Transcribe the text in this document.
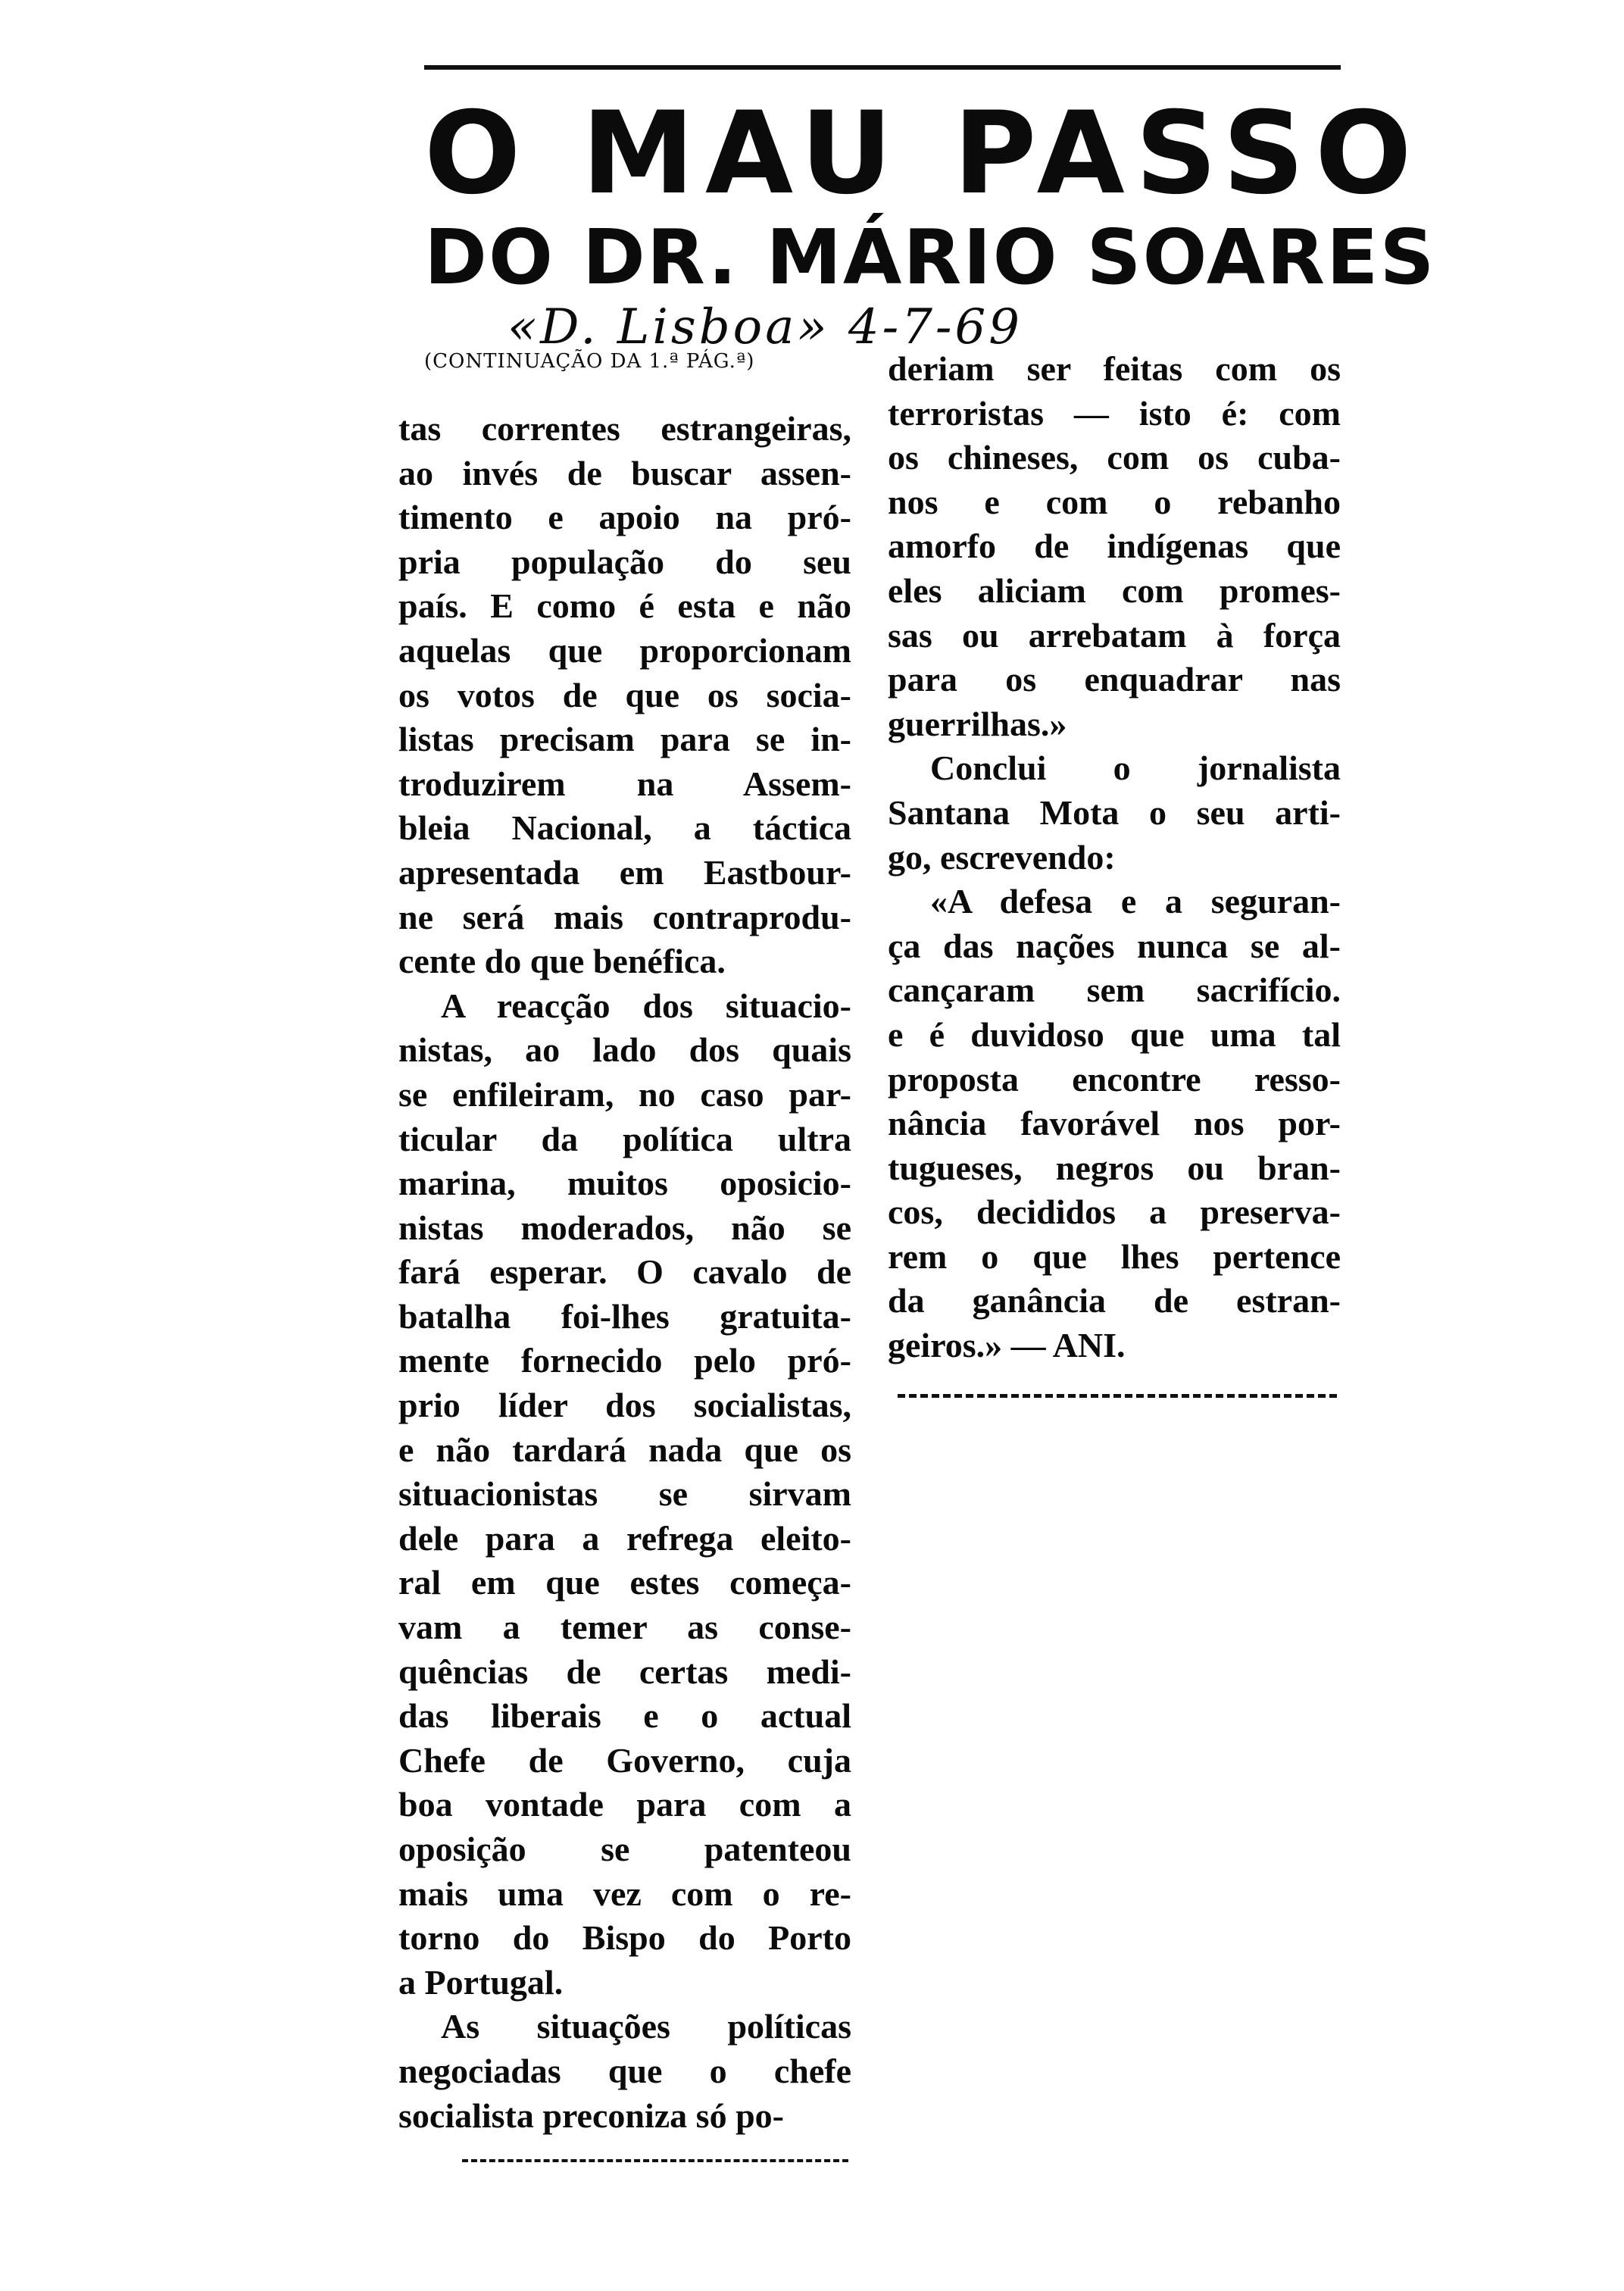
O MAU PASSO
DO DR. MÁRIO SOARES
«D. Lisboa» 4-7-69
(CONTINUAÇÃO DA 1.ª PÁG.ª)

tas correntes estrangeiras,
ao invés de buscar assen-
timento e apoio na pró-
pria população do seu
país. E como é esta e não
aquelas que proporcionam
os votos de que os socia-
listas precisam para se in-
troduzirem na Assem-
bleia Nacional, a táctica
apresentada em Eastbour-
ne será mais contraprodu-
cente do que benéfica.

A reacção dos situacio-
nistas, ao lado dos quais
se enfileiram, no caso par-
ticular da política ultra
marina, muitos oposicio-
nistas moderados, não se
fará esperar. O cavalo de
batalha foi-lhes gratuita-
mente fornecido pelo pró-
prio líder dos socialistas,
e não tardará nada que os
situacionistas se sirvam
dele para a refrega eleito-
ral em que estes começa-
vam a temer as conse-
quências de certas medi-
das liberais e o actual
Chefe de Governo, cuja
boa vontade para com a
oposição se patenteou
mais uma vez com o re-
torno do Bispo do Porto
a Portugal.

As situações políticas
negociadas que o chefe
socialista preconiza só po-

deriam ser feitas com os
terroristas — isto é: com
os chineses, com os cuba-
nos e com o rebanho
amorfo de indígenas que
eles aliciam com promes-
sas ou arrebatam à força
para os enquadrar nas
guerrilhas.»

Conclui o jornalista
Santana Mota o seu arti-
go, escrevendo:

«A defesa e a seguran-
ça das nações nunca se al-
cançaram sem sacrifício.
e é duvidoso que uma tal
proposta encontre resso-
nância favorável nos por-
tugueses, negros ou bran-
cos, decididos a preserva-
rem o que lhes pertence
da ganância de estran-
geiros.» — ANI.
